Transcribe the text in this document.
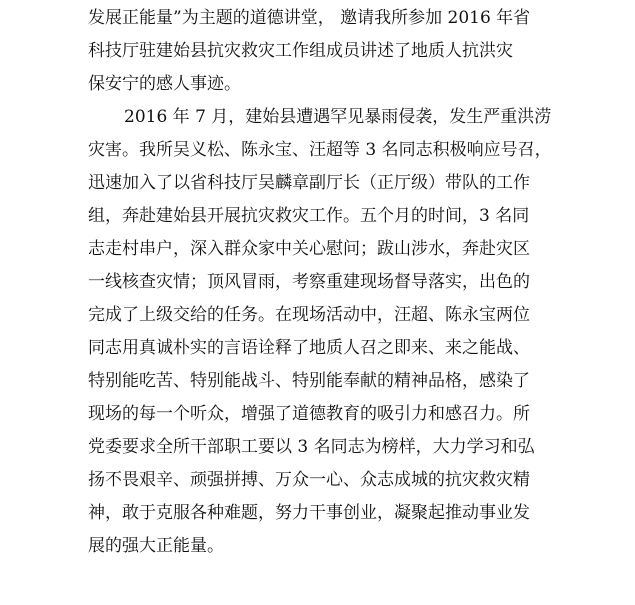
发展正能量”为主题的道德讲堂， 邀请我所参加 2016 年省
科技厅驻建始县抗灾救灾工作组成员讲述了地质人抗洪灾
保安宁的感人事迹。
2016 年 7 月，建始县遭遇罕见暴雨侵袭，发生严重洪涝
灾害。我所吴义松、陈永宝、汪超等 3 名同志积极响应号召，
迅速加入了以省科技厅吴麟章副厅长（正厅级）带队的工作
组，奔赴建始县开展抗灾救灾工作。五个月的时间，3 名同
志走村串户，深入群众家中关心慰问；跋山涉水，奔赴灾区
一线核查灾情；顶风冒雨，考察重建现场督导落实，出色的
完成了上级交给的任务。在现场活动中，汪超、陈永宝两位
同志用真诚朴实的言语诠释了地质人召之即来、来之能战、
特别能吃苦、特别能战斗、特别能奉献的精神品格，感染了
现场的每一个听众，增强了道德教育的吸引力和感召力。所
党委要求全所干部职工要以 3 名同志为榜样，大力学习和弘
扬不畏艰辛、顽强拼搏、万众一心、众志成城的抗灾救灾精
神，敢于克服各种难题，努力干事创业，凝聚起推动事业发
展的强大正能量。
